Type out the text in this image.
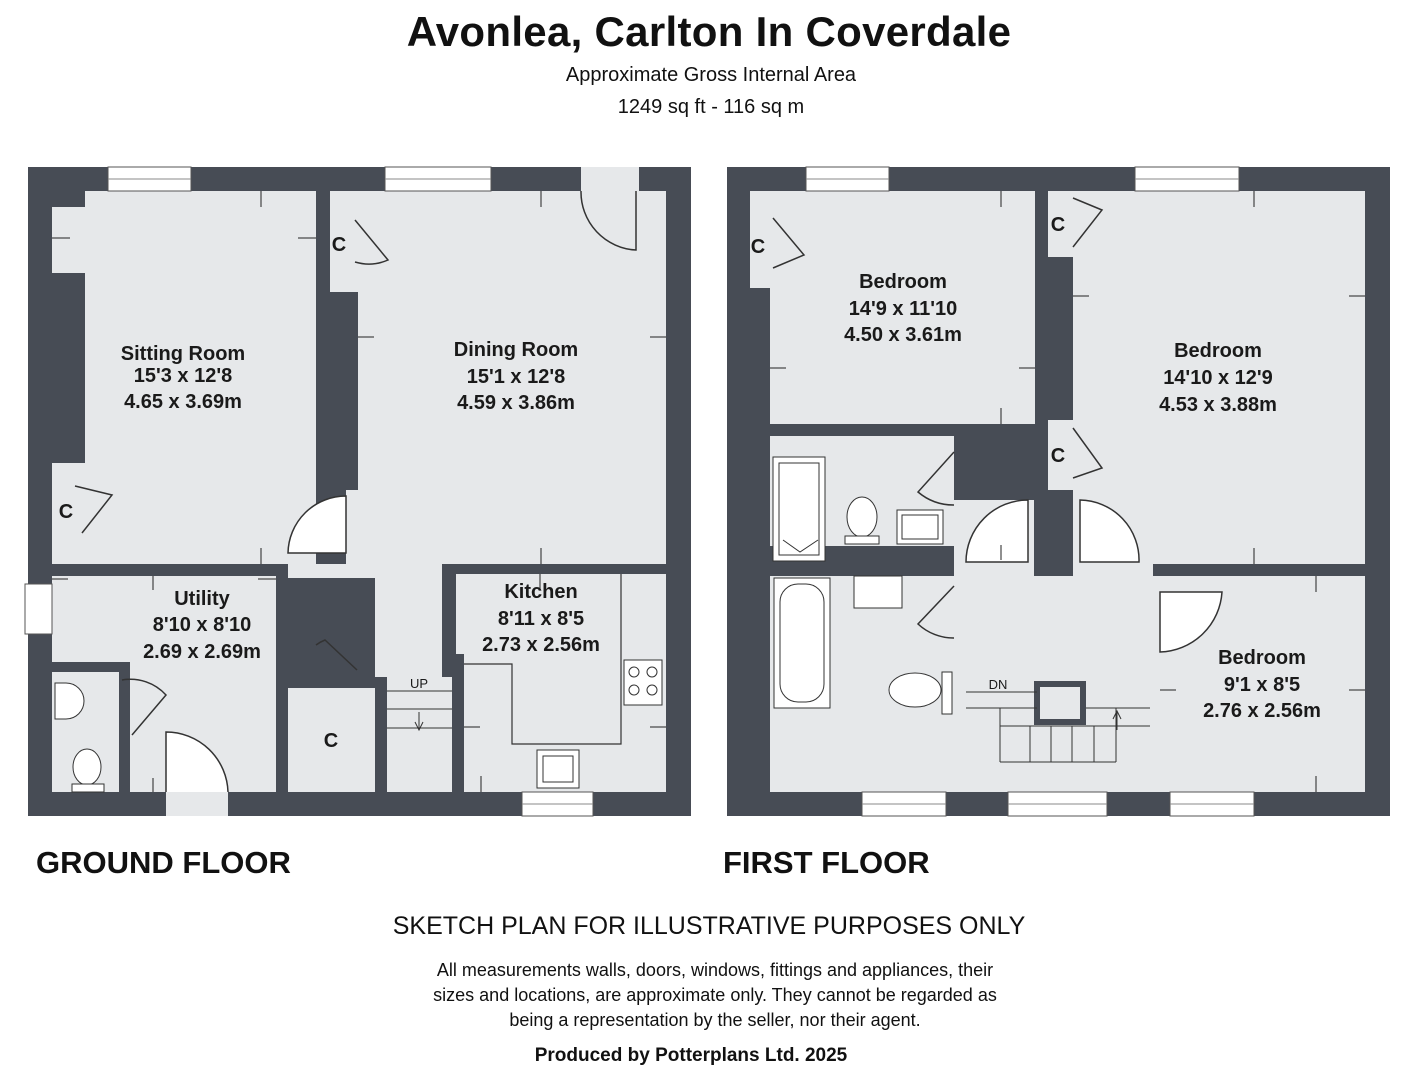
Avonlea, Carlton In Coverdale
Approximate Gross Internal Area
1249 sq ft - 116 sq m
Sitting Room
15'3 x 12'8
4.65 x 3.69m
Dining Room
15'1 x 12'8
4.59 x 3.86m
Utility
8'10 x 8'10
2.69 x 2.69m
Kitchen
8'11 x 8'5
2.73 x 2.56m
C
C
C
UP
Bedroom
14'9 x 11'10
4.50 x 3.61m
Bedroom
14'10 x 12'9
4.53 x 3.88m
Bedroom
9'1 x 8'5
2.76 x 2.56m
C
C
C
DN
GROUND FLOOR	FIRST FLOOR
SKETCH PLAN FOR ILLUSTRATIVE PURPOSES ONLY
All measurements walls, doors, windows, fittings and appliances, their
sizes and locations, are approximate only. They cannot be regarded as
being a representation by the seller, nor their agent.
Produced by Potterplans Ltd. 2025
